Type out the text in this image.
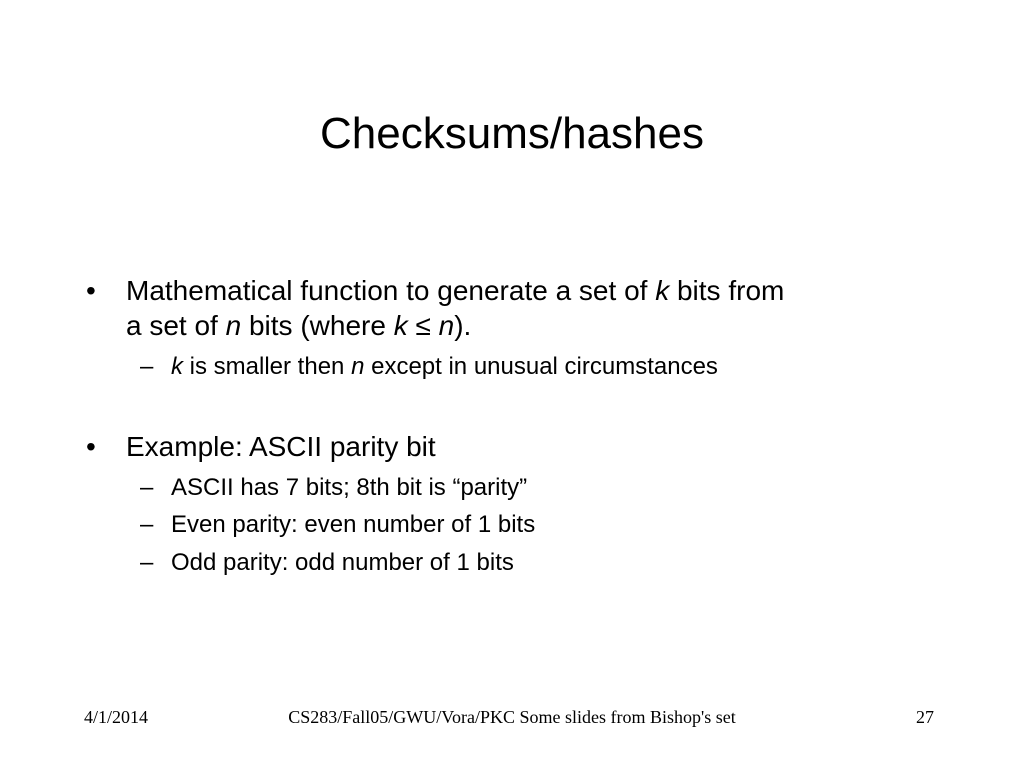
Checksums/hashes
• Mathematical function to generate a set of k bits from
a set of n bits (where k ≤ n).
– k is smaller then n except in unusual circumstances
• Example: ASCII parity bit
– ASCII has 7 bits; 8th bit is “parity”
– Even parity: even number of 1 bits
– Odd parity: odd number of 1 bits
4/1/2014	CS283/Fall05/GWU/Vora/PKC Some slides from Bishop's set	27
